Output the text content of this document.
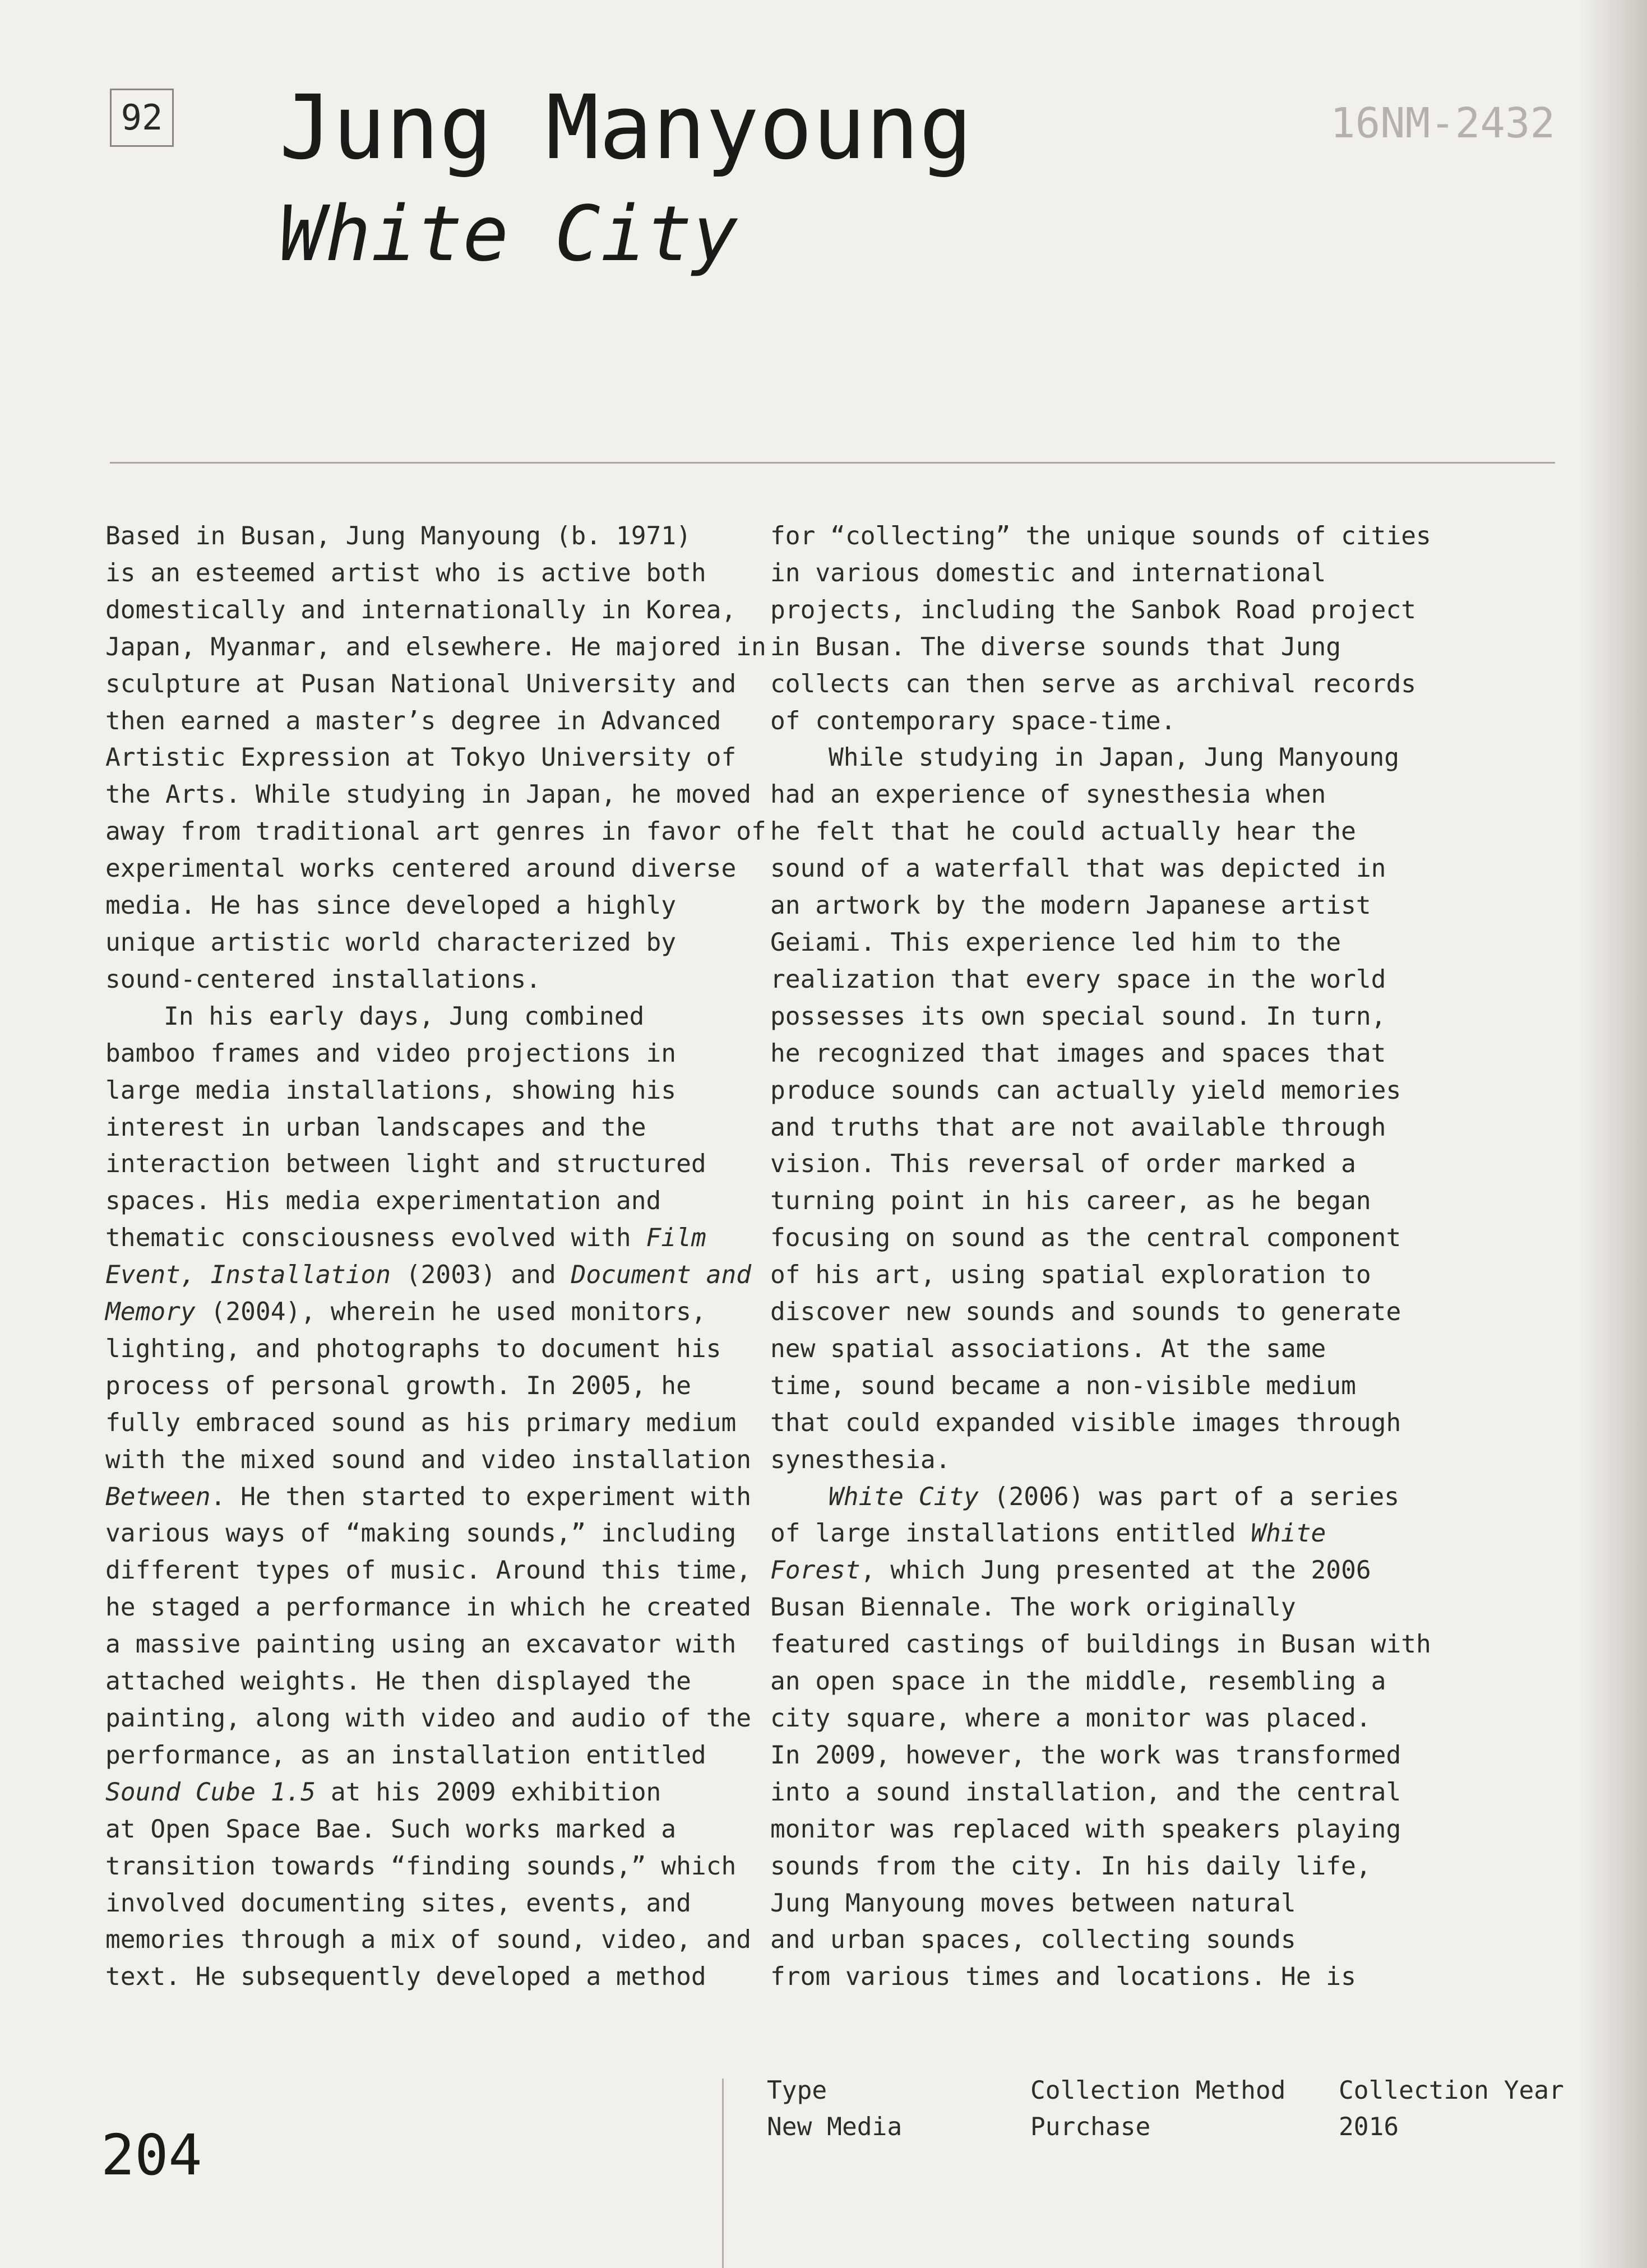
92 Jung Manyoung
White City
16NM-2432

Based in Busan, Jung Manyoung (b. 1971)
is an esteemed artist who is active both
domestically and internationally in Korea,
Japan, Myanmar, and elsewhere. He majored in
sculpture at Pusan National University and
then earned a master’s degree in Advanced
Artistic Expression at Tokyo University of
the Arts. While studying in Japan, he moved
away from traditional art genres in favor of
experimental works centered around diverse
media. He has since developed a highly
unique artistic world characterized by
sound-centered installations.

In his early days, Jung combined
bamboo frames and video projections in
large media installations, showing his
interest in urban landscapes and the
interaction between light and structured
spaces. His media experimentation and
thematic consciousness evolved with Film
Event, Installation (2003) and Document and
Memory (2004), wherein he used monitors,
lighting, and photographs to document his
process of personal growth. In 2005, he
fully embraced sound as his primary medium
with the mixed sound and video installation
Between. He then started to experiment with
various ways of “making sounds,” including
different types of music. Around this time,
he staged a performance in which he created
a massive painting using an excavator with
attached weights. He then displayed the
painting, along with video and audio of the
performance, as an installation entitled
Sound Cube 1.5 at his 2009 exhibition
at Open Space Bae. Such works marked a
transition towards “finding sounds,” which
involved documenting sites, events, and
memories through a mix of sound, video, and
text. He subsequently developed a method

for “collecting” the unique sounds of cities
in various domestic and international
projects, including the Sanbok Road project
in Busan. The diverse sounds that Jung
collects can then serve as archival records
of contemporary space-time.

While studying in Japan, Jung Manyoung
had an experience of synesthesia when
he felt that he could actually hear the
sound of a waterfall that was depicted in
an artwork by the modern Japanese artist
Geiami. This experience led him to the
realization that every space in the world
possesses its own special sound. In turn,
he recognized that images and spaces that
produce sounds can actually yield memories
and truths that are not available through
vision. This reversal of order marked a
turning point in his career, as he began
focusing on sound as the central component
of his art, using spatial exploration to
discover new sounds and sounds to generate
new spatial associations. At the same
time, sound became a non-visible medium
that could expanded visible images through
synesthesia.

White City (2006) was part of a series
of large installations entitled White
Forest, which Jung presented at the 2006
Busan Biennale. The work originally
featured castings of buildings in Busan with
an open space in the middle, resembling a
city square, where a monitor was placed.
In 2009, however, the work was transformed
into a sound installation, and the central
monitor was replaced with speakers playing
sounds from the city. In his daily life,
Jung Manyoung moves between natural
and urban spaces, collecting sounds
from various times and locations. He is

204
Type
New Media
Collection Method
Purchase
Collection Year
2016
